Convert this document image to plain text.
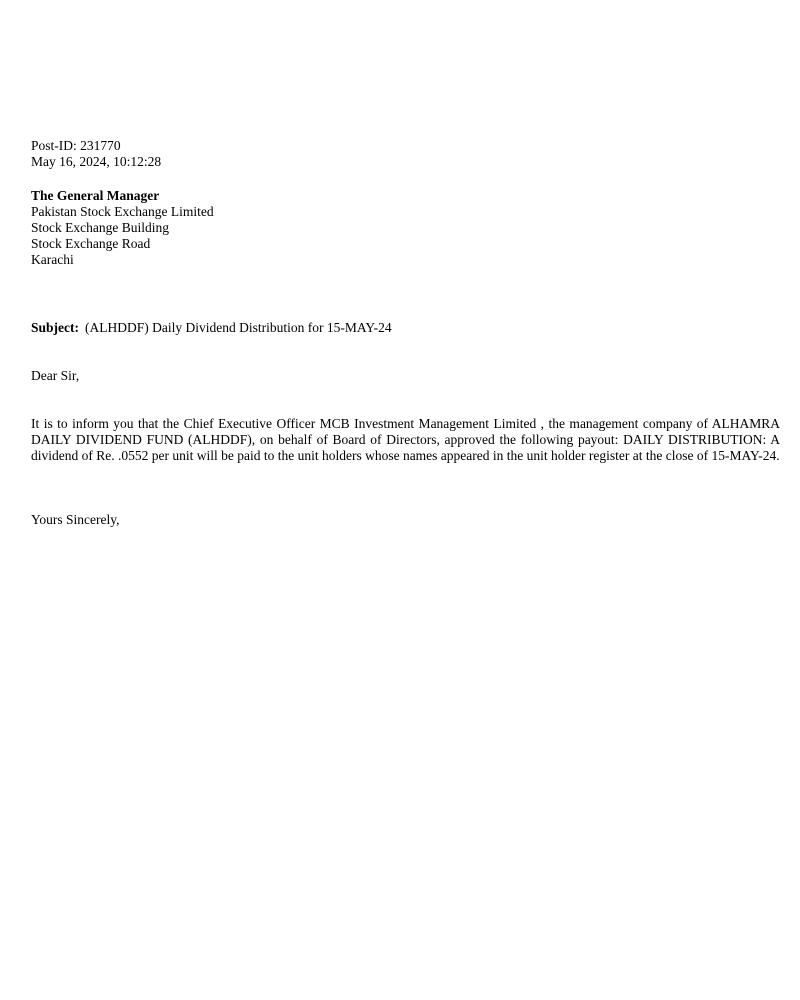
Post-ID: 231770
May 16, 2024, 10:12:28
The General Manager
Pakistan Stock Exchange Limited
Stock Exchange Building
Stock Exchange Road
Karachi
Subject: (ALHDDF) Daily Dividend Distribution for 15-MAY-24
Dear Sir,
It is to inform you that the Chief Executive Officer MCB Investment Management Limited , the management company of ALHAMRA DAILY DIVIDEND FUND (ALHDDF), on behalf of Board of Directors, approved the following payout: DAILY DISTRIBUTION: A dividend of Re. .0552 per unit will be paid to the unit holders whose names appeared in the unit holder register at the close of 15-MAY-24.
Yours Sincerely,
